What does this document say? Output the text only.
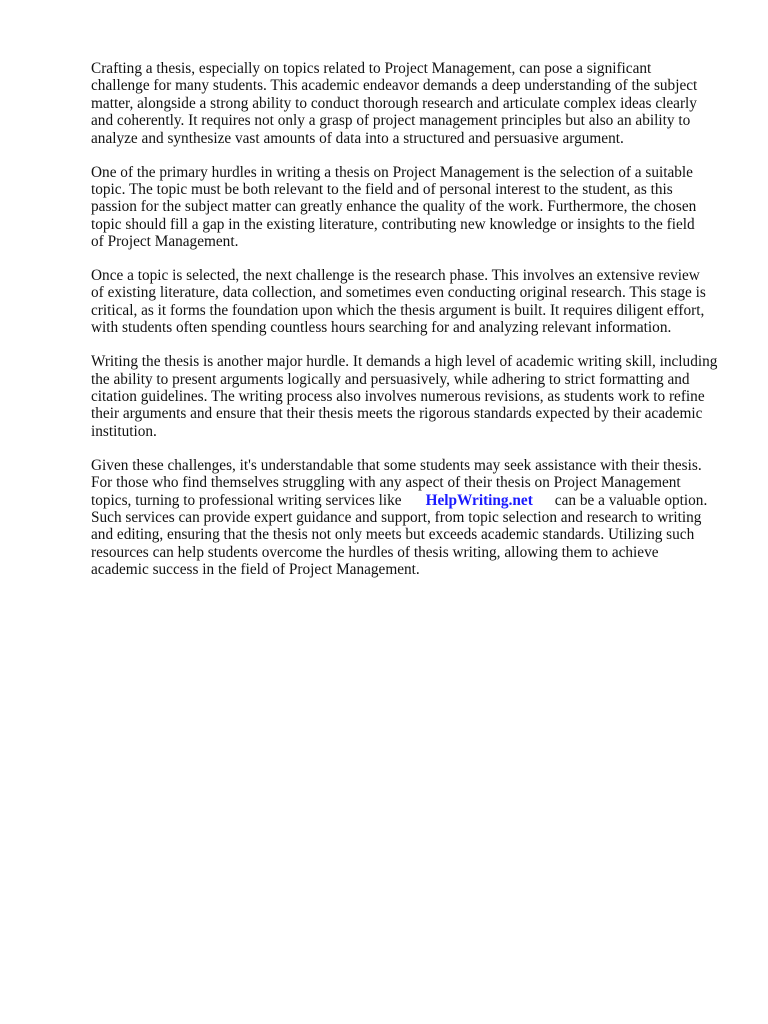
Crafting a thesis, especially on topics related to Project Management, can pose a significant
challenge for many students. This academic endeavor demands a deep understanding of the subject
matter, alongside a strong ability to conduct thorough research and articulate complex ideas clearly
and coherently. It requires not only a grasp of project management principles but also an ability to
analyze and synthesize vast amounts of data into a structured and persuasive argument.

One of the primary hurdles in writing a thesis on Project Management is the selection of a suitable
topic. The topic must be both relevant to the field and of personal interest to the student, as this
passion for the subject matter can greatly enhance the quality of the work. Furthermore, the chosen
topic should fill a gap in the existing literature, contributing new knowledge or insights to the field
of Project Management.

Once a topic is selected, the next challenge is the research phase. This involves an extensive review
of existing literature, data collection, and sometimes even conducting original research. This stage is
critical, as it forms the foundation upon which the thesis argument is built. It requires diligent effort,
with students often spending countless hours searching for and analyzing relevant information.

Writing the thesis is another major hurdle. It demands a high level of academic writing skill, including
the ability to present arguments logically and persuasively, while adhering to strict formatting and
citation guidelines. The writing process also involves numerous revisions, as students work to refine
their arguments and ensure that their thesis meets the rigorous standards expected by their academic
institution.

Given these challenges, it's understandable that some students may seek assistance with their thesis.
For those who find themselves struggling with any aspect of their thesis on Project Management
topics, turning to professional writing services like HelpWriting.net can be a valuable option.
Such services can provide expert guidance and support, from topic selection and research to writing
and editing, ensuring that the thesis not only meets but exceeds academic standards. Utilizing such
resources can help students overcome the hurdles of thesis writing, allowing them to achieve
academic success in the field of Project Management.
